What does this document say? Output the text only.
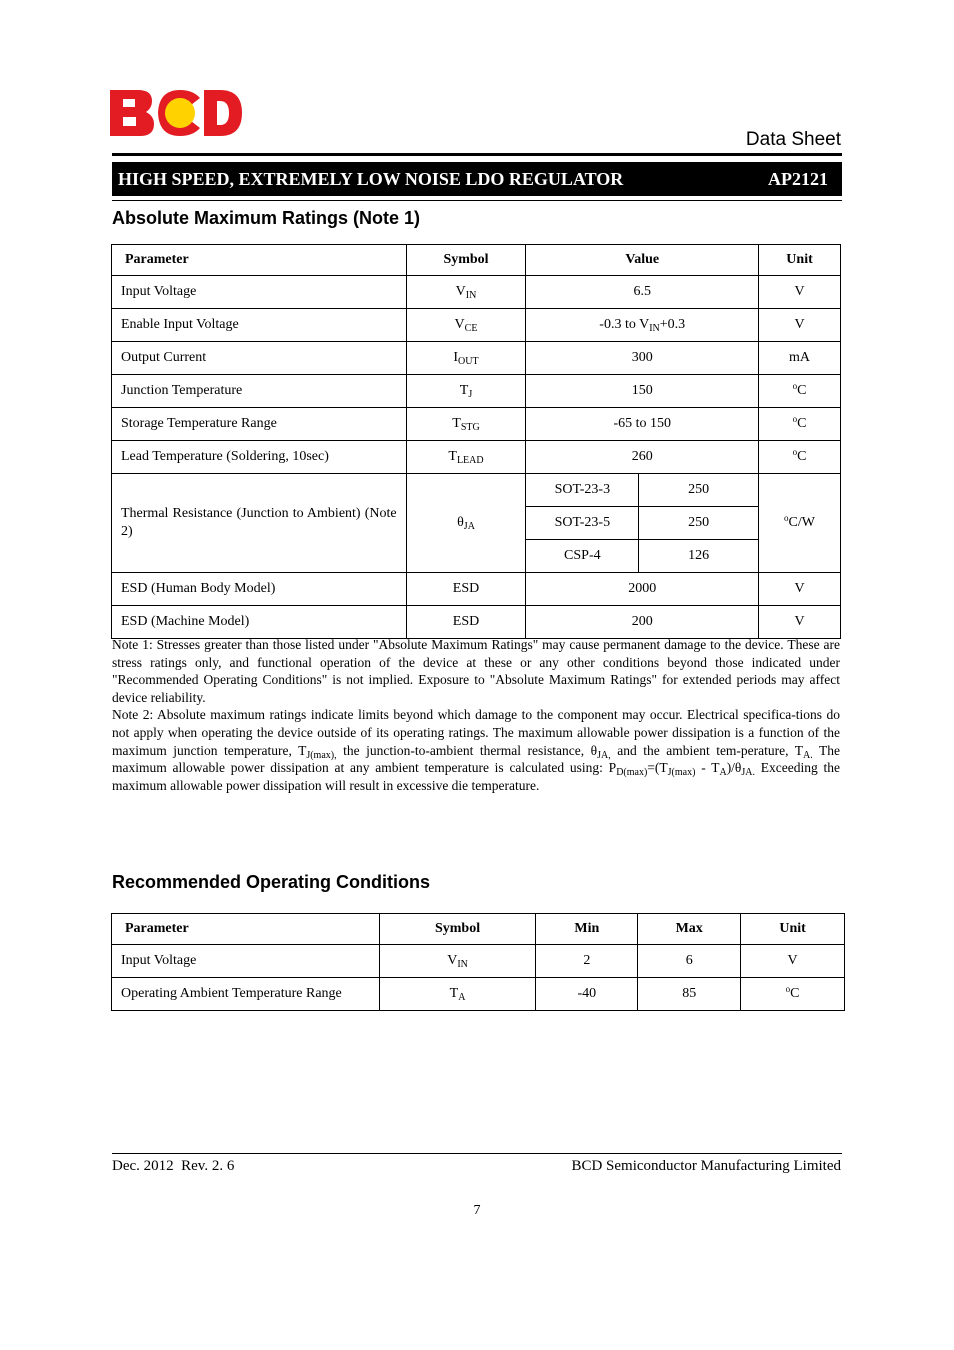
Data Sheet
HIGH SPEED, EXTREMELY LOW NOISE LDO REGULATOR	AP2121
Absolute Maximum Ratings (Note 1)
Parameter	Symbol	Value		Unit
Input Voltage	$V_{IN}$	6.5		V
Enable Input Voltage	$V_{CE}$	-0.3 to $V_{IN}+0.3$		V
Output Current	$I_{OUT}$	300		mA
Junction Temperature	$T_J$	150		$^o$C
Storage Temperature Range	$T_{STG}$	-65 to 150		$^o$C
Lead Temperature (Soldering, 10sec)	$T_{LEAD}$	260		$^o$C
Thermal Resistance (Junction to Ambient) (Note 2)	$\theta_{JA}$	SOT-23-3	250	$^o$C/W
		SOT-23-5	250	
		CSP-4	126	
ESD (Human Body Model)	ESD	2000		V
ESD (Machine Model)	ESD	200		V

Note 1: Stresses greater than those listed under "Absolute Maximum Ratings" may cause permanent damage to the device. These are stress ratings only, and functional operation of the device at these or any other conditions beyond those indicated under "Recommended Operating Conditions" is not implied. Exposure to "Absolute Maximum Ratings" for extended periods may affect device reliability.

Note 2: Absolute maximum ratings indicate limits beyond which damage to the component may occur. Electrical specifica-tions do not apply when operating the device outside of its operating ratings. The maximum allowable power dissipation is a function of the maximum junction temperature, $T_{J(max),}$ the junction-to-ambient thermal resistance, $\theta_{JA,}$ and the ambient tem-perature, $T_{A.}$ The maximum allowable power dissipation at any ambient temperature is calculated using: $P_{D(max)}=(T_{J(max)} - T_A)/\theta_{JA.}$ Exceeding the maximum allowable power dissipation will result in excessive die temperature.

Recommended Operating Conditions
Parameter	Symbol	Min	Max	Unit
Input Voltage	$V_{IN}$	2	6	V
Operating Ambient Temperature Range	$T_A$	-40	85	$^o$C
Dec. 2012  Rev. 2. 6	BCD Semiconductor Manufacturing Limited
7
